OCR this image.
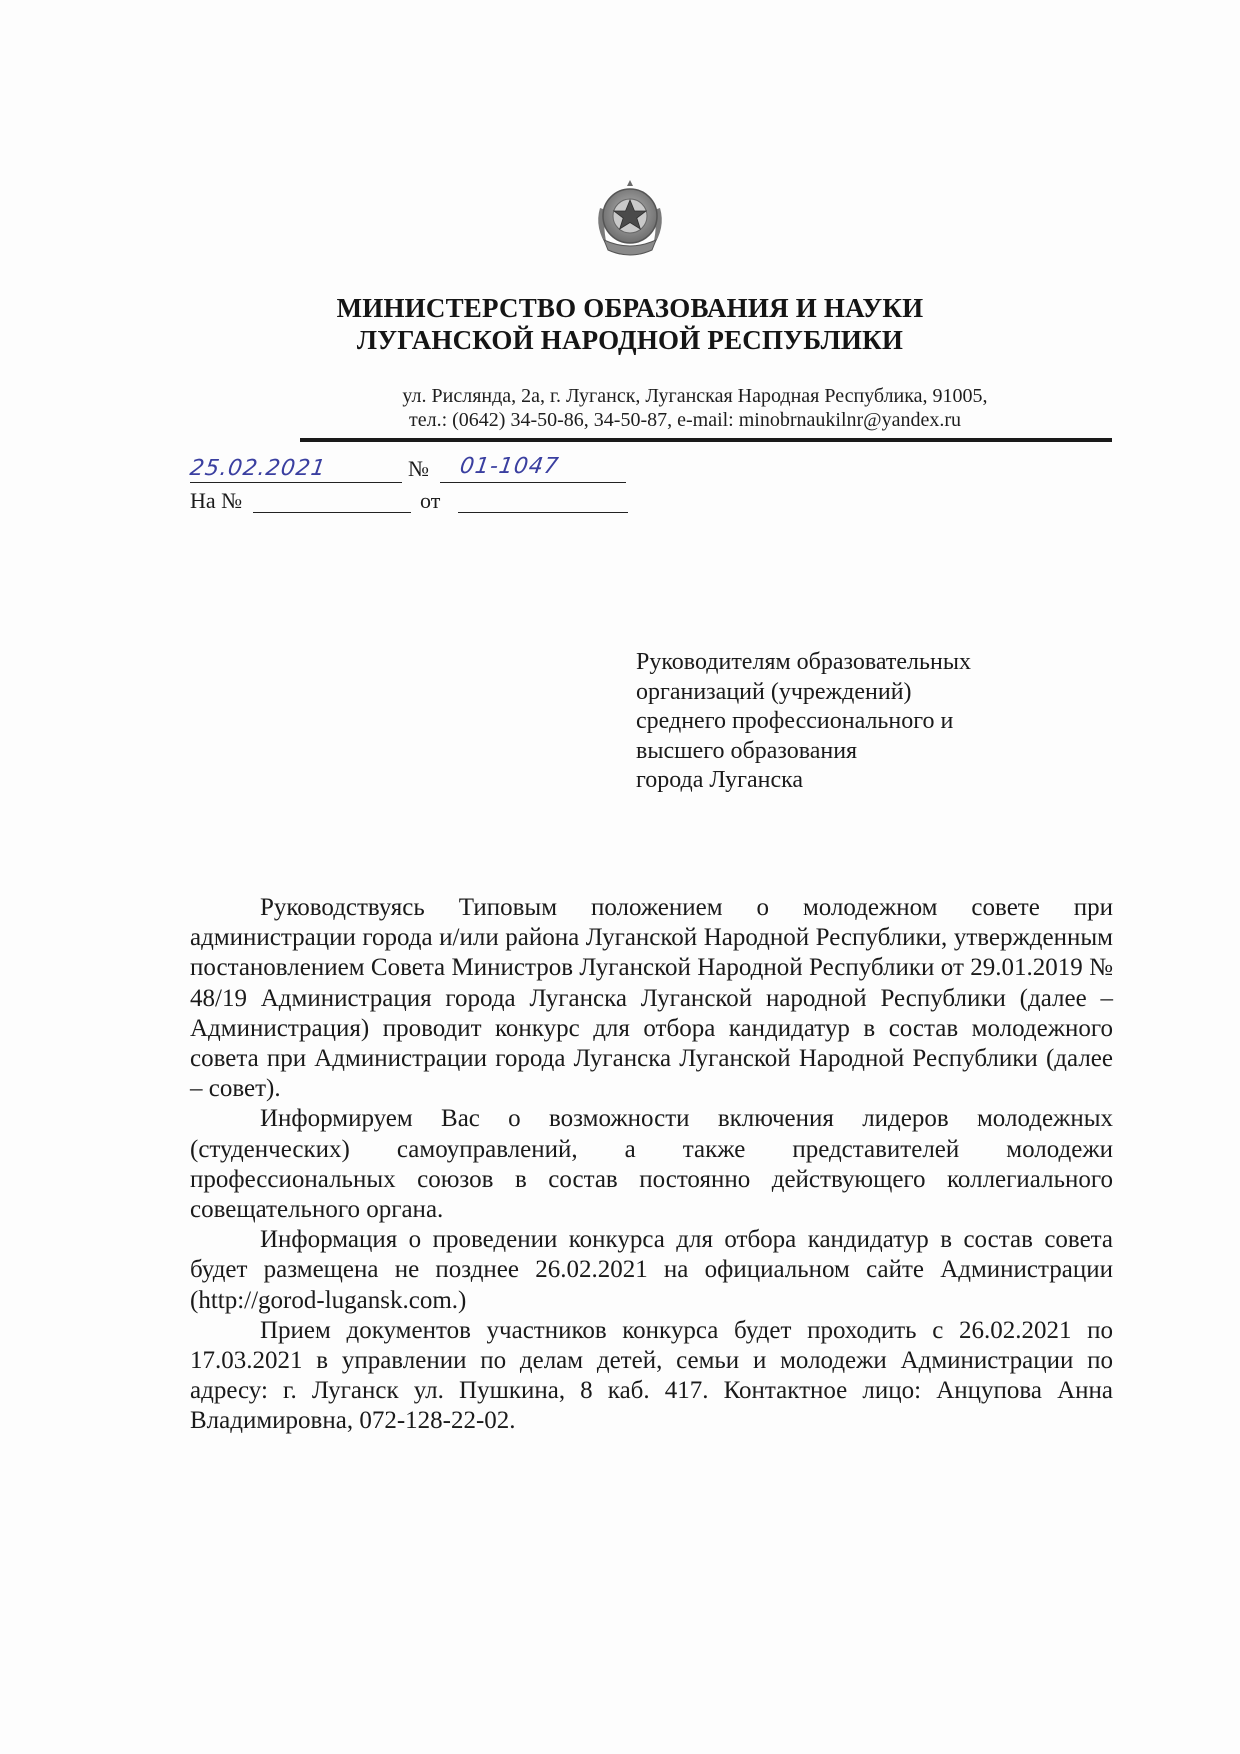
МИНИСТЕРСТВО ОБРАЗОВАНИЯ И НАУКИ
ЛУГАНСКОЙ НАРОДНОЙ РЕСПУБЛИКИ
ул. Рисляндa, 2а, г. Луганск, Луганская Народная Республика, 91005,
тел.: (0642) 34-50-86, 34-50-87, e-mail: minobrnaukilnr@yandex.ru
25.02.2021	№ 01-1047
На №	от
Руководителям образовательных
организаций (учреждений)
среднего профессионального и
высшего образования
города Луганска

Руководствуясь Типовым положением о молодежном совете при администрации города и/или района Луганской Народной Республики, утвержденным постановлением Совета Министров Луганской Народной Республики от 29.01.2019 № 48/19 Администрация города Луганска Луганской народной Республики (далее – Администрация) проводит конкурс для отбора кандидатур в состав молодежного совета при Администрации города Луганска Луганской Народной Республики (далее – совет).

Информируем Вас о возможности включения лидеров молодежных (студенческих) самоуправлений, а также представителей молодежи профессиональных союзов в состав постоянно действующего коллегиального совещательного органа.

Информация о проведении конкурса для отбора кандидатур в состав совета будет размещена не позднее 26.02.2021 на официальном сайте Администрации (http://gorod-lugansk.com.)

Прием документов участников конкурса будет проходить с 26.02.2021 по 17.03.2021 в управлении по делам детей, семьи и молодежи Администрации по адресу: г. Луганск ул. Пушкина, 8 каб. 417. Контактное лицо: Анцупова Анна Владимировна, 072-128-22-02.
